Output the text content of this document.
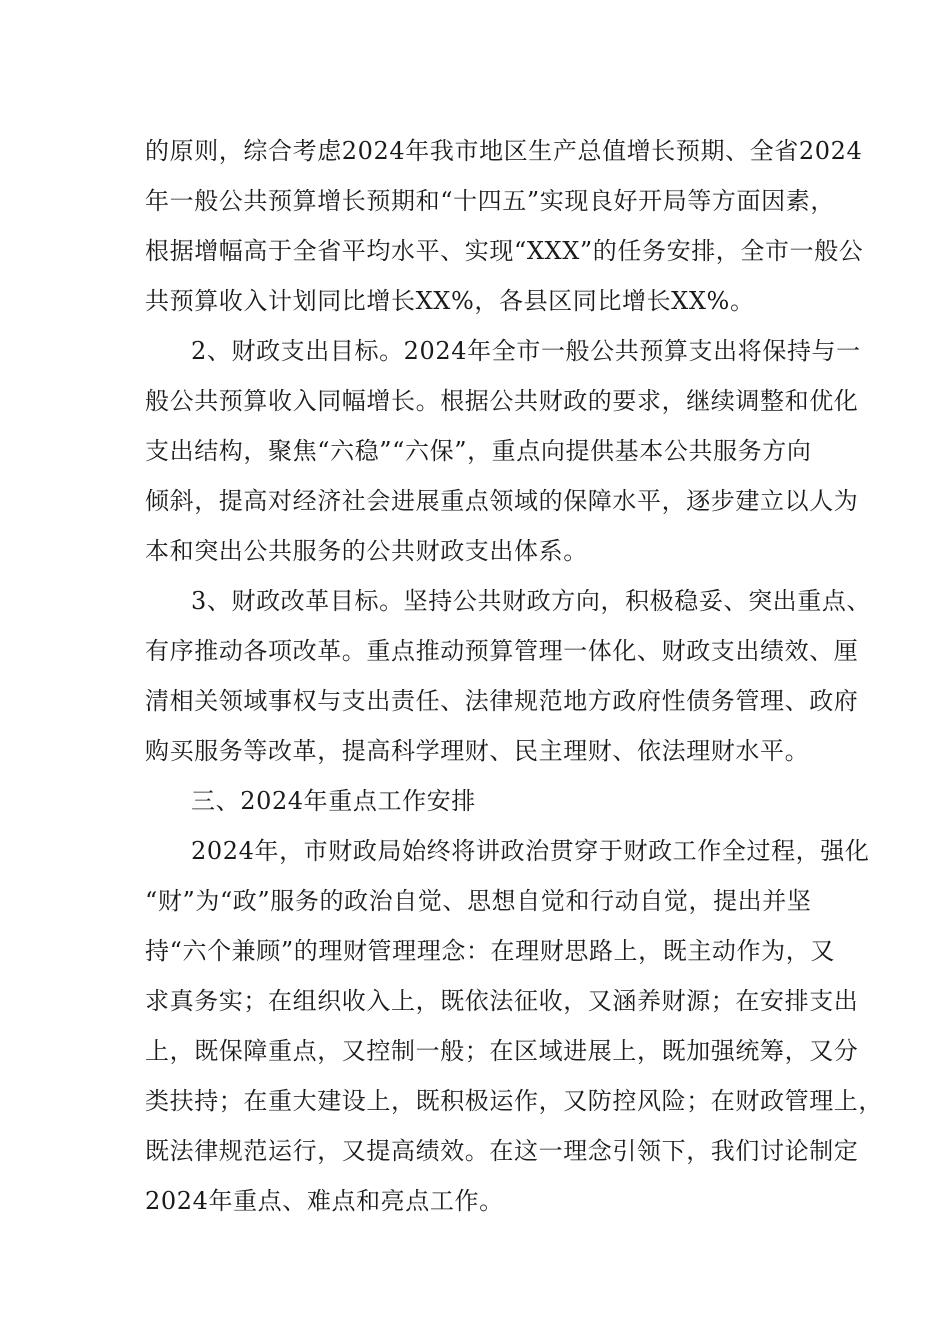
的原则，综合考虑2024年我市地区生产总值增长预期、全省2024
年一般公共预算增长预期和“十四五”实现良好开局等方面因素，
根据增幅高于全省平均水平、实现“XXX”的任务安排，全市一般公
共预算收入计划同比增长XX%，各县区同比增长XX%。
2、财政支出目标。2024年全市一般公共预算支出将保持与一
般公共预算收入同幅增长。根据公共财政的要求，继续调整和优化
支出结构，聚焦“六稳”“六保”，重点向提供基本公共服务方向
倾斜，提高对经济社会进展重点领域的保障水平，逐步建立以人为
本和突出公共服务的公共财政支出体系。
3、财政改革目标。坚持公共财政方向，积极稳妥、突出重点、
有序推动各项改革。重点推动预算管理一体化、财政支出绩效、厘
清相关领域事权与支出责任、法律规范地方政府性债务管理、政府
购买服务等改革，提高科学理财、民主理财、依法理财水平。
三、2024年重点工作安排
2024年，市财政局始终将讲政治贯穿于财政工作全过程，强化
“财”为“政”服务的政治自觉、思想自觉和行动自觉，提出并坚
持“六个兼顾”的理财管理理念：在理财思路上，既主动作为，又
求真务实；在组织收入上，既依法征收，又涵养财源；在安排支出
上，既保障重点，又控制一般；在区域进展上，既加强统筹，又分
类扶持；在重大建设上，既积极运作，又防控风险；在财政管理上，
既法律规范运行，又提高绩效。在这一理念引领下，我们讨论制定
2024年重点、难点和亮点工作。
